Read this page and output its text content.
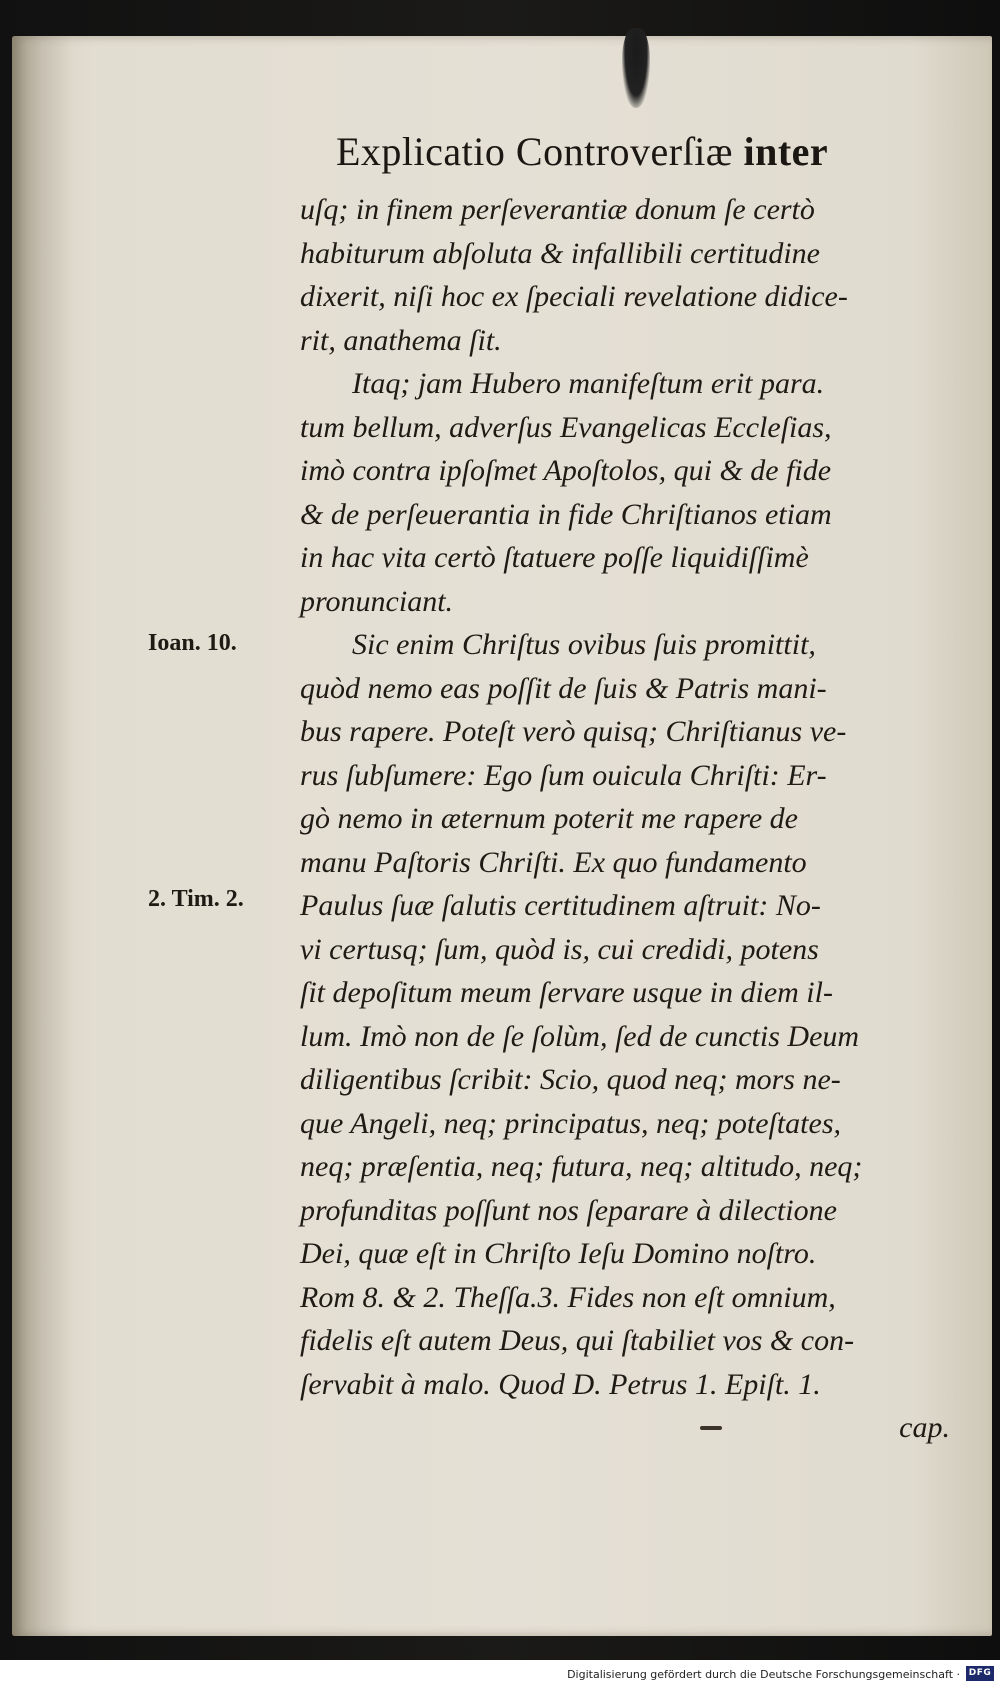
Explicatio Controverſiæ inter
uſq; in finem perſeverantiæ donum ſe certò
habiturum abſoluta & infallibili certitudine
dixerit, niſi hoc ex ſpeciali revelatione didice-
rit, anathema ſit.
Itaq; jam Hubero manifeſtum erit para.
tum bellum, adverſus Evangelicas Eccleſias,
imò contra ipſoſmet Apoſtolos, qui & de fide
& de perſeuerantia in fide Chriſtianos etiam
in hac vita certò ſtatuere poſſe liquidiſſimè
pronunciant.
Sic enim Chriſtus ovibus ſuis promittit,
quòd nemo eas poſſit de ſuis & Patris mani-
bus rapere. Poteſt verò quisq; Chriſtianus ve-
rus ſubſumere: Ego ſum ouicula Chriſti: Er-
gò nemo in æternum poterit me rapere de
manu Paſtoris Chriſti. Ex quo fundamento
Paulus ſuæ ſalutis certitudinem aſtruit: No-
vi certusq; ſum, quòd is, cui credidi, potens
ſit depoſitum meum ſervare usque in diem il-
lum. Imò non de ſe ſolùm, ſed de cunctis Deum
diligentibus ſcribit: Scio, quod neq; mors ne-
que Angeli, neq; principatus, neq; poteſtates,
neq; præſentia, neq; futura, neq; altitudo, neq;
profunditas poſſunt nos ſeparare à dilectione
Dei, quæ eſt in Chriſto Ieſu Domino noſtro.
Rom 8. & 2. Theſſa.3. Fides non eſt omnium,
fidelis eſt autem Deus, qui ſtabiliet vos & con-
ſervabit à malo. Quod D. Petrus 1. Epiſt. 1.
cap.
Ioan. 10.
2. Tim. 2.
Digitalisierung gefördert durch die Deutsche Forschungsgemeinschaft · DFG
